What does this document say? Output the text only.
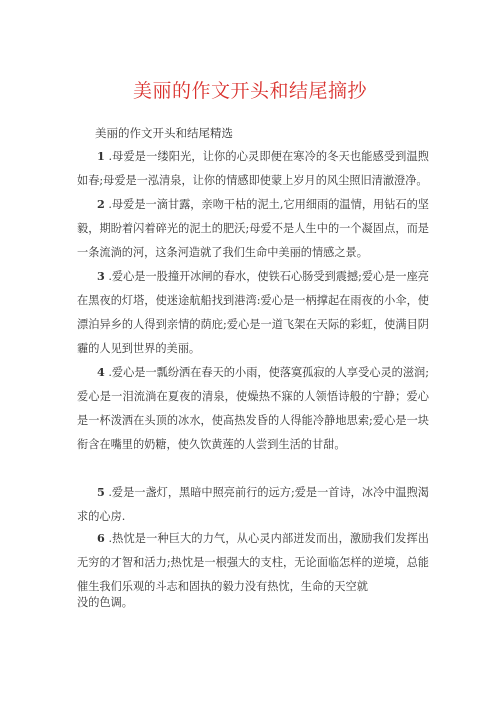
美丽的作文开头和结尾摘抄
美丽的作文开头和结尾精选
1 .母爱是一缕阳光，让你的心灵即便在寒冷的冬天也能感受到温煦如春;母爱是一泓清泉，让你的情感即使蒙上岁月的风尘照旧清澈澄净。
2 .母爱是一滴甘露，亲吻干枯的泥土,它用细雨的温情，用钻石的坚毅，期盼着闪着碎光的泥土的肥沃;母爱不是人生中的一个凝固点，而是一条流淌的河，这条河造就了我们生命中美丽的情感之景。
3 .爱心是一股撞开冰闸的春水，使铁石心肠受到震撼;爱心是一座亮在黑夜的灯塔，使迷途航船找到港湾:爱心是一柄撑起在雨夜的小伞，使漂泊异乡的人得到亲情的荫庇;爱心是一道飞架在天际的彩虹，使满目阴霾的人见到世界的美丽。
4 .爱心是一瓢纷洒在春天的小雨，使落寞孤寂的人享受心灵的滋润;爱心是一泪流淌在夏夜的清泉，使燥热不寐的人领悟诗般的宁静；爱心是一杯泼洒在头顶的冰水，使高热发昏的人得能冷静地思索;爱心是一块衔含在嘴里的奶糖，使久饮黄莲的人尝到生活的甘甜。
5 .爱是一盏灯，黑暗中照亮前行的远方;爱是一首诗，冰冷中温煦渴求的心房.
6 .热忱是一种巨大的力气，从心灵内部迸发而出，激励我们发挥出无穷的才智和活力;热忱是一根强大的支柱，无论面临怎样的逆境，总能催生我们乐观的斗志和固执的毅力没有热忱，生命的天空就
没的色调。
